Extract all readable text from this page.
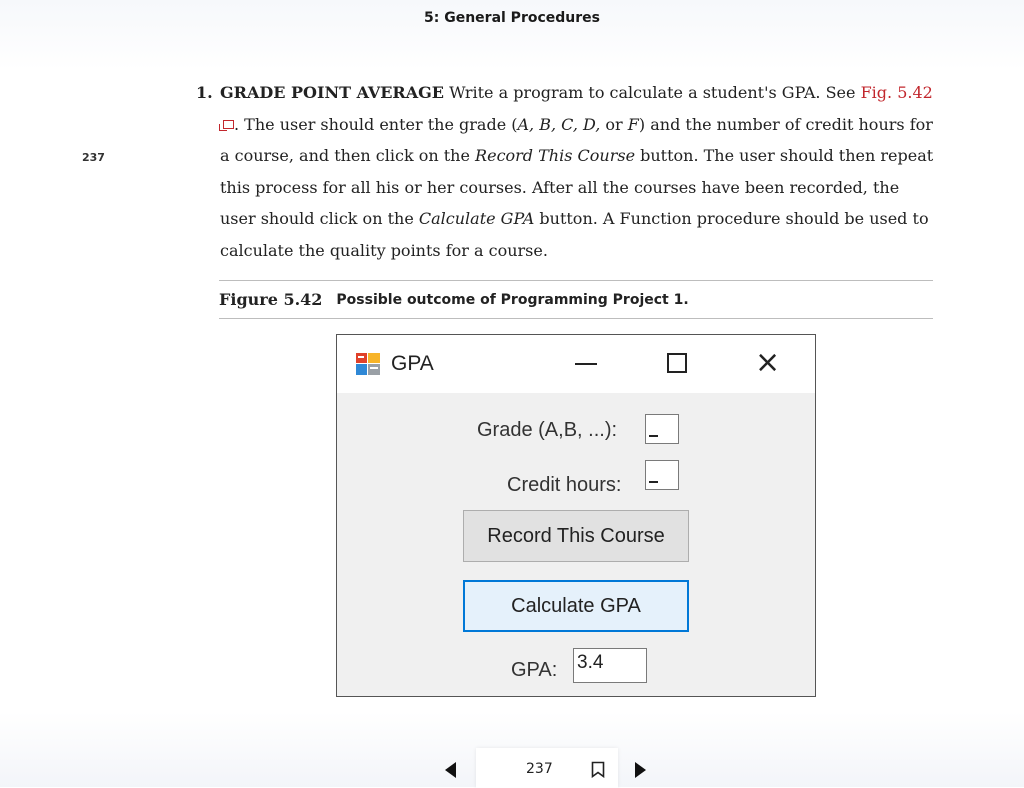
5: General Procedures
237
1. GRADE POINT AVERAGE Write a program to calculate a student's GPA. See Fig. 5.42. The user should enter the grade (A, B, C, D, or F) and the number of credit hours for a course, and then click on the Record This Course button. The user should then repeat this process for all his or her courses. After all the courses have been recorded, the user should click on the Calculate GPA button. A Function procedure should be used to calculate the quality points for a course.
Figure 5.42 Possible outcome of Programming Project 1.
GPA	×
Grade (A,B, ...):
Credit hours:
Record This Course
Calculate GPA
GPA: 3.4
237
